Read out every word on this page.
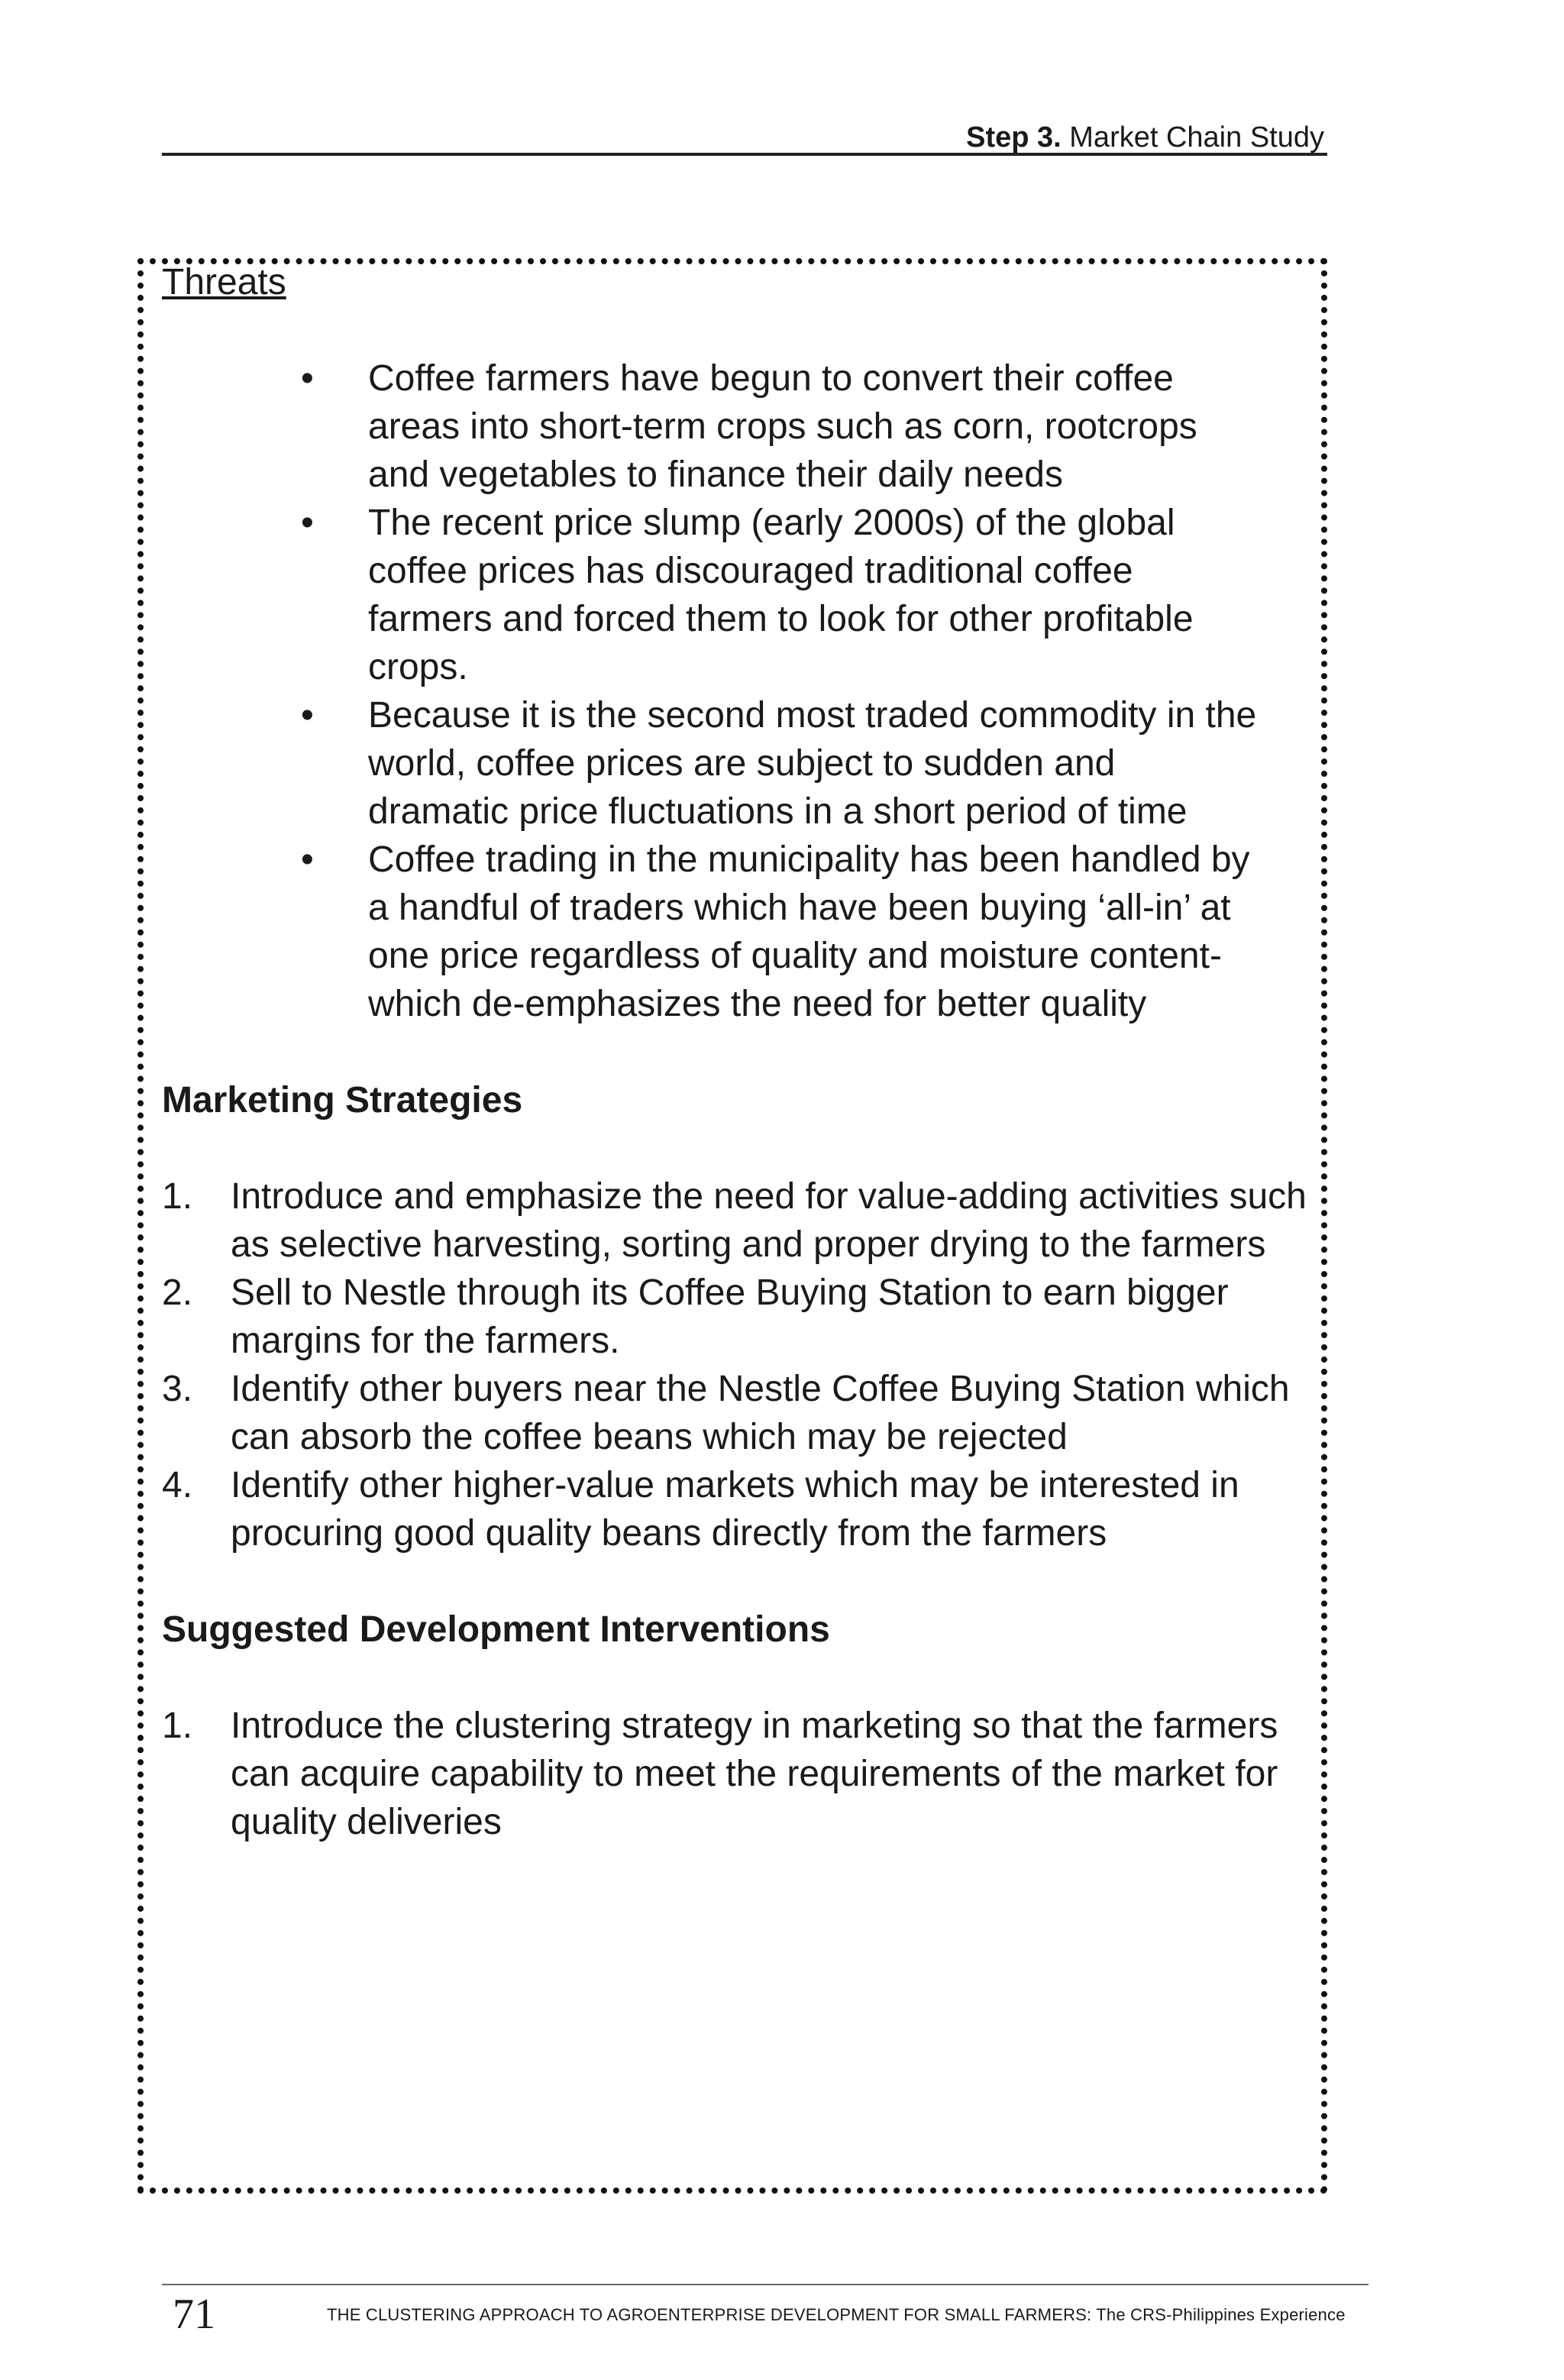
Step 3. Market Chain Study
Threats
• Coffee farmers have begun to convert their coffee areas into short-term crops such as corn, rootcrops and vegetables to finance their daily needs
• The recent price slump (early 2000s) of the global coffee prices has discouraged traditional coffee farmers and forced them to look for other profitable crops.
• Because it is the second most traded commodity in the world, coffee prices are subject to sudden and dramatic price fluctuations in a short period of time
• Coffee trading in the municipality has been handled by a handful of traders which have been buying ‘all-in’ at one price regardless of quality and moisture content- which de-emphasizes the need for better quality
Marketing Strategies
1. Introduce and emphasize the need for value-adding activities such as selective harvesting, sorting and proper drying to the farmers
2. Sell to Nestle through its Coffee Buying Station to earn bigger margins for the farmers.
3. Identify other buyers near the Nestle Coffee Buying Station which can absorb the coffee beans which may be rejected
4. Identify other higher-value markets which may be interested in procuring good quality beans directly from the farmers
Suggested Development Interventions
1. Introduce the clustering strategy in marketing so that the farmers can acquire capability to meet the requirements of the market for quality deliveries
71	THE CLUSTERING APPROACH TO AGROENTERPRISE DEVELOPMENT FOR SMALL FARMERS: The CRS-Philippines Experience
